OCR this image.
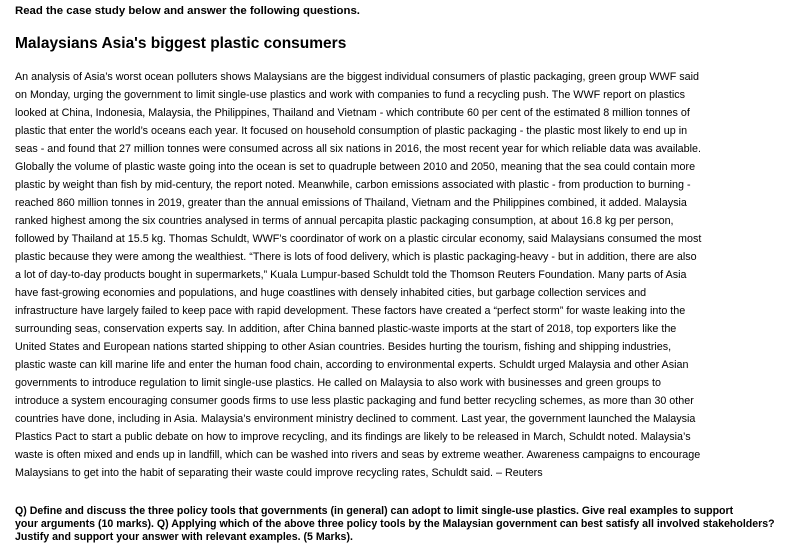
Read the case study below and answer the following questions.
Malaysians Asia's biggest plastic consumers
An analysis of Asia’s worst ocean polluters shows Malaysians are the biggest individual consumers of plastic packaging, green group WWF said
on Monday, urging the government to limit single-use plastics and work with companies to fund a recycling push. The WWF report on plastics
looked at China, Indonesia, Malaysia, the Philippines, Thailand and Vietnam - which contribute 60 per cent of the estimated 8 million tonnes of
plastic that enter the world’s oceans each year. It focused on household consumption of plastic packaging - the plastic most likely to end up in
seas - and found that 27 million tonnes were consumed across all six nations in 2016, the most recent year for which reliable data was available.
Globally the volume of plastic waste going into the ocean is set to quadruple between 2010 and 2050, meaning that the sea could contain more
plastic by weight than fish by mid-century, the report noted. Meanwhile, carbon emissions associated with plastic - from production to burning -
reached 860 million tonnes in 2019, greater than the annual emissions of Thailand, Vietnam and the Philippines combined, it added. Malaysia
ranked highest among the six countries analysed in terms of annual percapita plastic packaging consumption, at about 16.8 kg per person,
followed by Thailand at 15.5 kg. Thomas Schuldt, WWF’s coordinator of work on a plastic circular economy, said Malaysians consumed the most
plastic because they were among the wealthiest. “There is lots of food delivery, which is plastic packaging-heavy - but in addition, there are also
a lot of day-to-day products bought in supermarkets,” Kuala Lumpur-based Schuldt told the Thomson Reuters Foundation. Many parts of Asia
have fast-growing economies and populations, and huge coastlines with densely inhabited cities, but garbage collection services and
infrastructure have largely failed to keep pace with rapid development. These factors have created a “perfect storm” for waste leaking into the
surrounding seas, conservation experts say. In addition, after China banned plastic-waste imports at the start of 2018, top exporters like the
United States and European nations started shipping to other Asian countries. Besides hurting the tourism, fishing and shipping industries,
plastic waste can kill marine life and enter the human food chain, according to environmental experts. Schuldt urged Malaysia and other Asian
governments to introduce regulation to limit single-use plastics. He called on Malaysia to also work with businesses and green groups to
introduce a system encouraging consumer goods firms to use less plastic packaging and fund better recycling schemes, as more than 30 other
countries have done, including in Asia. Malaysia’s environment ministry declined to comment. Last year, the government launched the Malaysia
Plastics Pact to start a public debate on how to improve recycling, and its findings are likely to be released in March, Schuldt noted. Malaysia’s
waste is often mixed and ends up in landfill, which can be washed into rivers and seas by extreme weather. Awareness campaigns to encourage
Malaysians to get into the habit of separating their waste could improve recycling rates, Schuldt said. – Reuters
Q) Define and discuss the three policy tools that governments (in general) can adopt to limit single-use plastics. Give real examples to support
your arguments (10 marks). Q) Applying which of the above three policy tools by the Malaysian government can best satisfy all involved stakeholders?
Justify and support your answer with relevant examples. (5 Marks).
